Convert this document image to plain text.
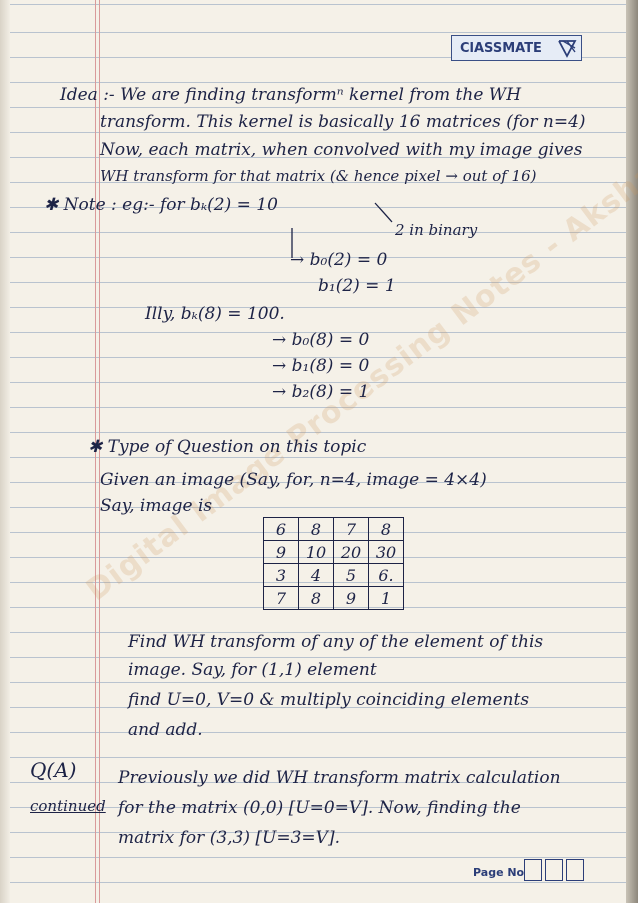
ClASSMATE
Idea :- We are finding transformⁿ kernel from the WH
transform. This kernel is basically 16 matrices (for n=4)
Now, each matrix, when convolved with my image gives
WH transform for that matrix (& hence pixel → out of 16)
✱ Note : eg:- for bₖ(2) = 10
2 in binary
→ b₀(2) = 0
b₁(2) = 1
Illy, bₖ(8) = 100.
→ b₀(8) = 0
→ b₁(8) = 0
→ b₂(8) = 1
✱ Type of Question on this topic
Given an image (Say, for, n=4, image = 4×4)
Say, image is
6	8	7	8
9	10	20	30
3	4	5	6.
7	8	9	1
Find WH transform of any of the element of this
image. Say, for (1,1) element
find U=0, V=0 & multiply coinciding elements
and add.
Q(A)
continued
Previously we did WH transform matrix calculation
for the matrix (0,0) [U=0=V]. Now, finding the
matrix for (3,3) [U=3=V].
Page No
